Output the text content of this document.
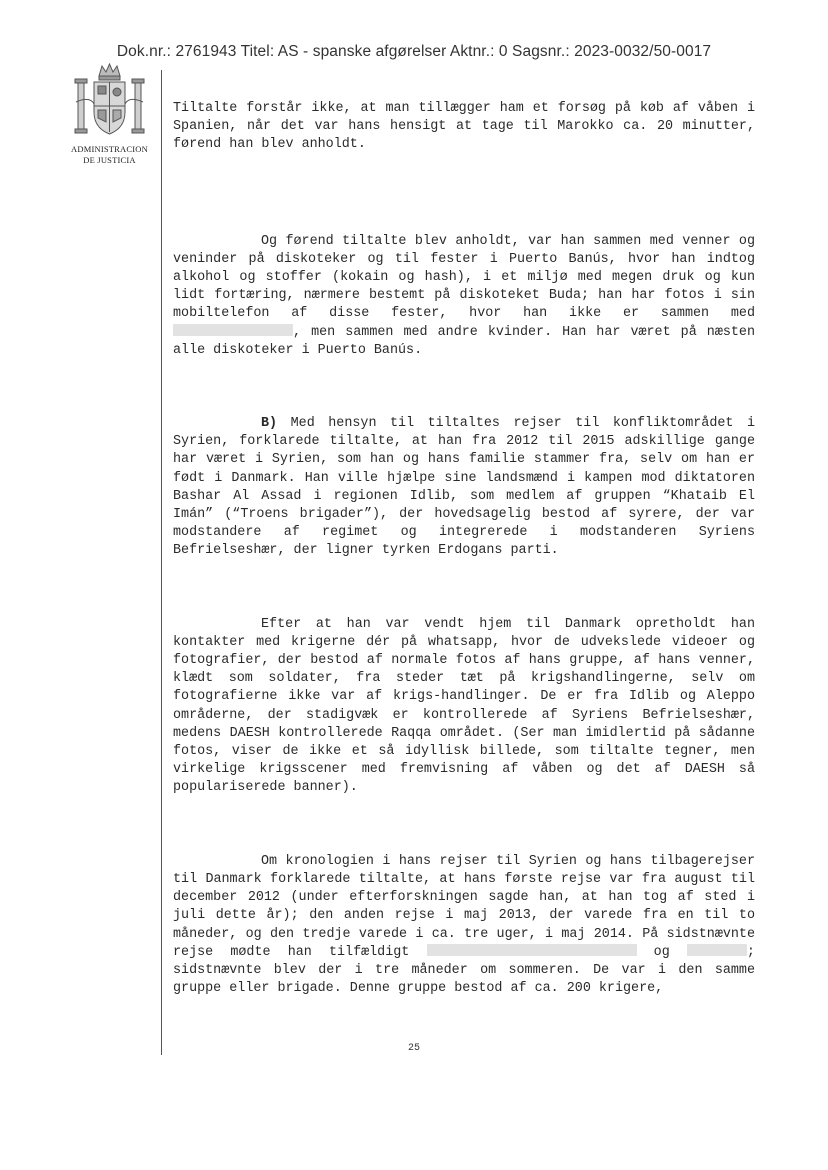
Dok.nr.: 2761943 Titel: AS - spanske afgørelser Aktnr.: 0 Sagsnr.: 2023-0032/50-0017
ADMINISTRACION
DE JUSTICIA

Tiltalte forstår ikke, at man tillægger ham et forsøg på køb af våben i Spanien, når det var hans hensigt at tage til Marokko ca. 20 minutter, førend han blev anholdt.

Og førend tiltalte blev anholdt, var han sammen med venner og veninder på diskoteker og til fester i Puerto Banús, hvor han indtog alkohol og stoffer (kokain og hash), i et miljø med megen druk og kun lidt fortæring, nærmere bestemt på diskoteket Buda; han har fotos i sin mobiltelefon af disse fester, hvor han ikke er sammen med , men sammen med andre kvinder. Han har været på næsten alle diskoteker i Puerto Banús.

B) Med hensyn til tiltaltes rejser til konfliktområdet i Syrien, forklarede tiltalte, at han fra 2012 til 2015 adskillige gange har været i Syrien, som han og hans familie stammer fra, selv om han er født i Danmark. Han ville hjælpe sine landsmænd i kampen mod diktatoren Bashar Al Assad i regionen Idlib, som medlem af gruppen “Khataib El Imán” (“Troens brigader”), der hovedsagelig bestod af syrere, der var modstandere af regimet og integrerede i modstanderen Syriens Befrielseshær, der ligner tyrken Erdogans parti.

Efter at han var vendt hjem til Danmark opretholdt han kontakter med krigerne dér på whatsapp, hvor de udvekslede videoer og fotografier, der bestod af normale fotos af hans gruppe, af hans venner, klædt som soldater, fra steder tæt på krigshandlingerne, selv om fotografierne ikke var af krigs-handlinger. De er fra Idlib og Aleppo områderne, der stadigvæk er kontrollerede af Syriens Befrielseshær, medens DAESH kontrollerede Raqqa området. (Ser man imidlertid på sådanne fotos, viser de ikke et så idyllisk billede, som tiltalte tegner, men virkelige krigsscener med fremvisning af våben og det af DAESH så populariserede banner).

Om kronologien i hans rejser til Syrien og hans tilbagerejser til Danmark forklarede tiltalte, at hans første rejse var fra august til december 2012 (under efterforskningen sagde han, at han tog af sted i juli dette år); den anden rejse i maj 2013, der varede fra en til to måneder, og den tredje varede i ca. tre uger, i maj 2014. På sidstnævnte rejse mødte han tilfældigt	og	; sidstnævnte blev der i tre måneder om sommeren. De var i den samme gruppe eller brigade. Denne gruppe bestod af ca. 200 krigere,

25
